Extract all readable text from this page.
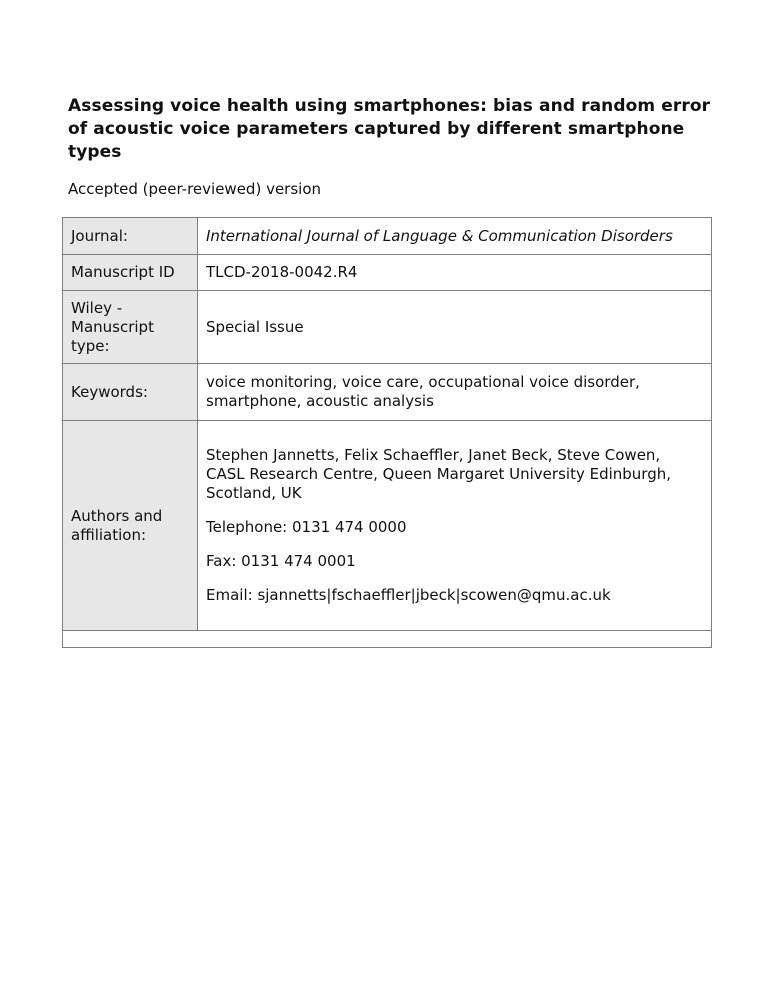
Assessing voice health using smartphones: bias and random error of acoustic voice parameters captured by different smartphone types

Accepted (peer-reviewed) version

Journal:	International Journal of Language & Communication Disorders
Manuscript ID	TLCD-2018-0042.R4
Wiley - Manuscript type:	Special Issue
Keywords:	voice monitoring, voice care, occupational voice disorder, smartphone, acoustic analysis
Authors and affiliation:	Stephen Jannetts, Felix Schaeffler, Janet Beck, Steve Cowen, CASL Research Centre, Queen Margaret University Edinburgh, Scotland, UK

Telephone: 0131 474 0000

Fax: 0131 474 0001

Email: sjannetts|fschaeffler|jbeck|scowen@qmu.ac.uk
